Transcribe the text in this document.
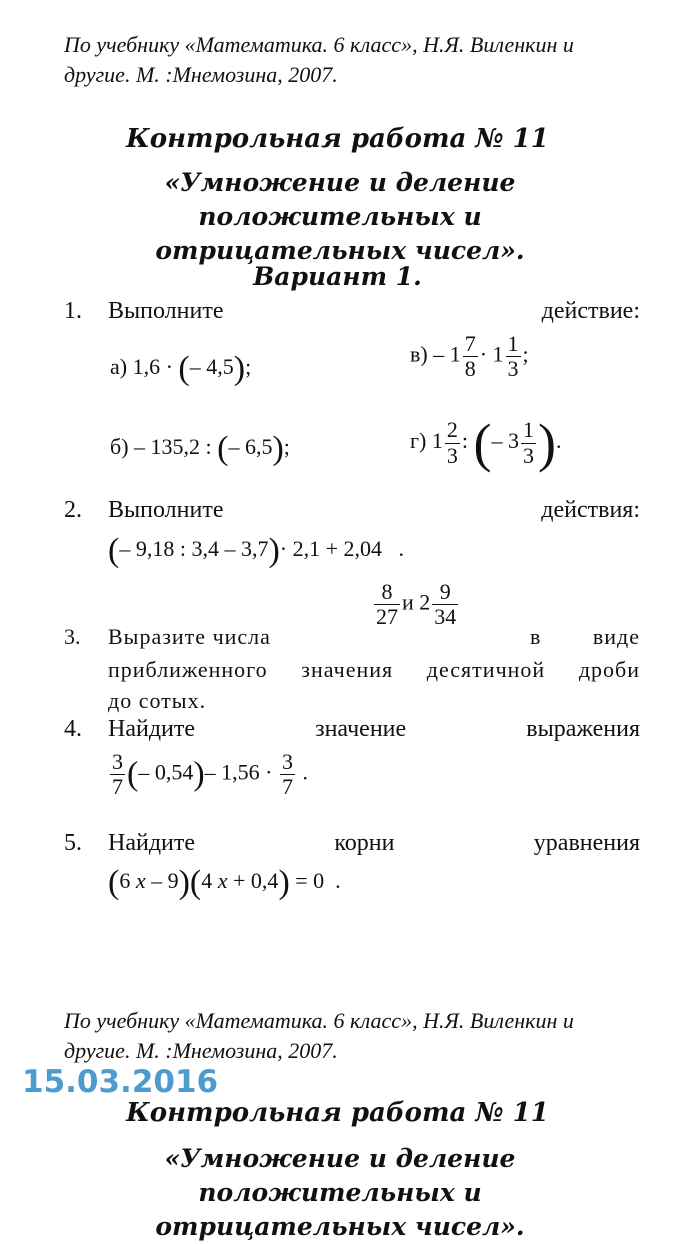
По учебнику «Математика. 6 класс», Н.Я. Виленкин и
другие. М. :Мнемозина, 2007.
Контрольная работа № 11
«Умножение и деление положительных и
отрицательных чисел».
Вариант 1.
1. Выполните действие:
а) 1,6 · (– 4,5);	$в) - 1 \frac{7}{8} \cdot 1 \frac{1}{3}$ ;
б) – 135,2 : (– 6,5);	г) $1 \frac{2}{3}$ : (– $3 \frac{1}{3}$ ).
2. Выполните действия:
(– 9,18 : 3,4 – 3,7)· 2,1 + 2,04   .
$\frac{8}{27}$ и $2 \frac{9}{34}$
3. Выразите числа	в виде
приближенного значения десятичной дроби
до сотых.
4. Найдите значение выражения
$\frac{3}{7}$ (– 0,54)– $1,56 \cdot \frac{3}{7}$ .
5. Найдите корни уравнения
(6 x – 9)(4 x + 0,4) = 0  .
По учебнику «Математика. 6 класс», Н.Я. Виленкин и
другие. М. :Мнемозина, 2007.
15.03.2016
Контрольная работа № 11
«Умножение и деление положительных и
отрицательных чисел».
